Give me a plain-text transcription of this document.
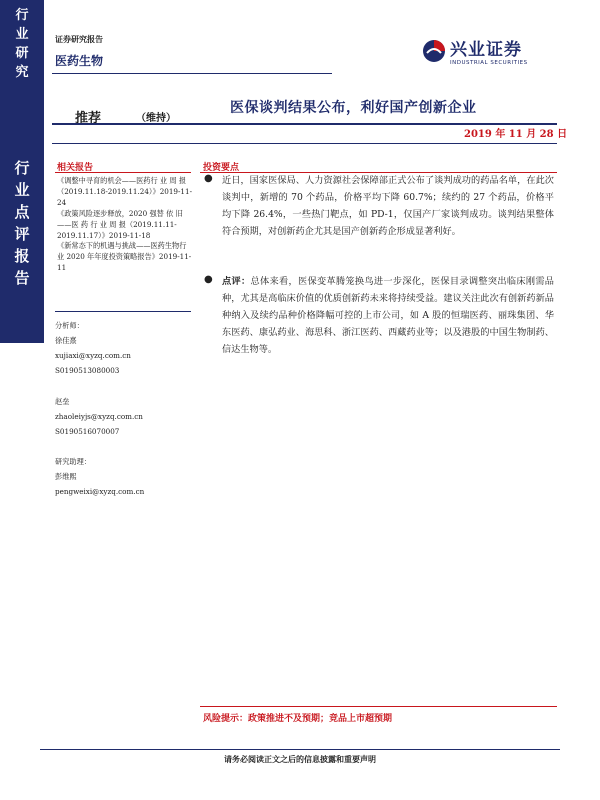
行
业
研
究
行
业
点
评
报
告
证券研究报告
医药生物
兴业证券
INDUSTRIAL SECURITIES
推荐	（维持）
医保谈判结果公布，利好国产创新企业
2019 年 11 月 28 日
相关报告
《调整中寻育的机会——医药行 业 周 报（2019.11.18-2019.11.24）》2019-11-24
《政策风险逐步释放，2020 强替 依 旧——医 药 行 业 周 报（2019.11.11-2019.11.17）》2019-11-18
《新常态下的机遇与挑战——医药生物行业 2020 年年度投资策略报告》2019-11-11
分析师：
徐佳熹
xujiaxi@xyzq.com.cn
S0190513080003
赵垒
zhaoleiyjs@xyzq.com.cn
S0190516070007
研究助理：
彭维熙
pengweixi@xyzq.com.cn
投资要点
● 近日，国家医保局、人力资源社会保障部正式公布了谈判成功的药品名单，在此次谈判中，新增的 70 个药品，价格平均下降 60.7%；续约的 27 个药品，价格平均下降 26.4%，一些热门靶点，如 PD-1，仅国产厂家谈判成功。谈判结果整体符合预期，对创新药企尤其是国产创新药企形成显著利好。
● 点评：总体来看，医保变革腾笼换鸟进一步深化，医保目录调整突出临床刚需品种，尤其是高临床价值的优质创新药未来将持续受益。建议关注此次有创新药新品种纳入及续约品种价格降幅可控的上市公司，如 A 股的恒瑞医药、丽珠集团、华东医药、康弘药业、海思科、浙江医药、西藏药业等；以及港股的中国生物制药、信达生物等。
风险提示：政策推进不及预期；竞品上市超预期
请务必阅读正文之后的信息披露和重要声明
